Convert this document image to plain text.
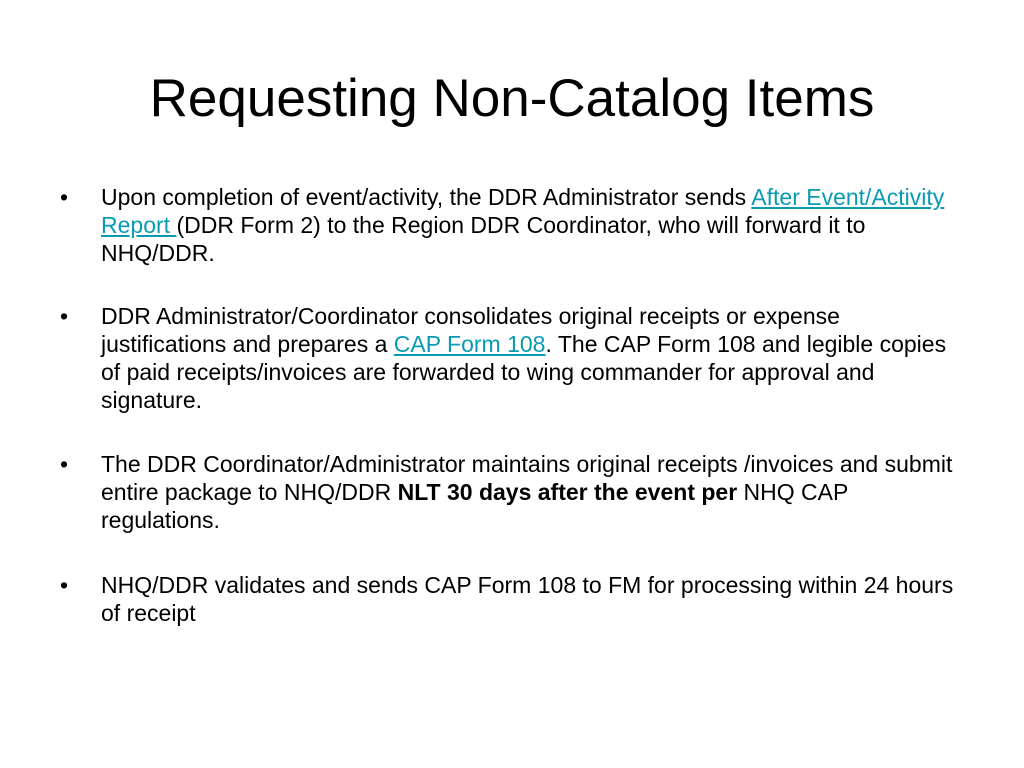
Requesting Non-Catalog Items
• Upon completion of event/activity, the DDR Administrator sends After Event/Activity Report (DDR Form 2) to the Region DDR Coordinator, who will forward it to NHQ/DDR.
• DDR Administrator/Coordinator consolidates original receipts or expense justifications and prepares a CAP Form 108. The CAP Form 108 and legible copies of paid receipts/invoices are forwarded to wing commander for approval and signature.
• The DDR Coordinator/Administrator maintains original receipts /invoices and submit entire package to NHQ/DDR NLT 30 days after the event per NHQ CAP regulations.
• NHQ/DDR validates and sends CAP Form 108 to FM for processing within 24 hours of receipt
